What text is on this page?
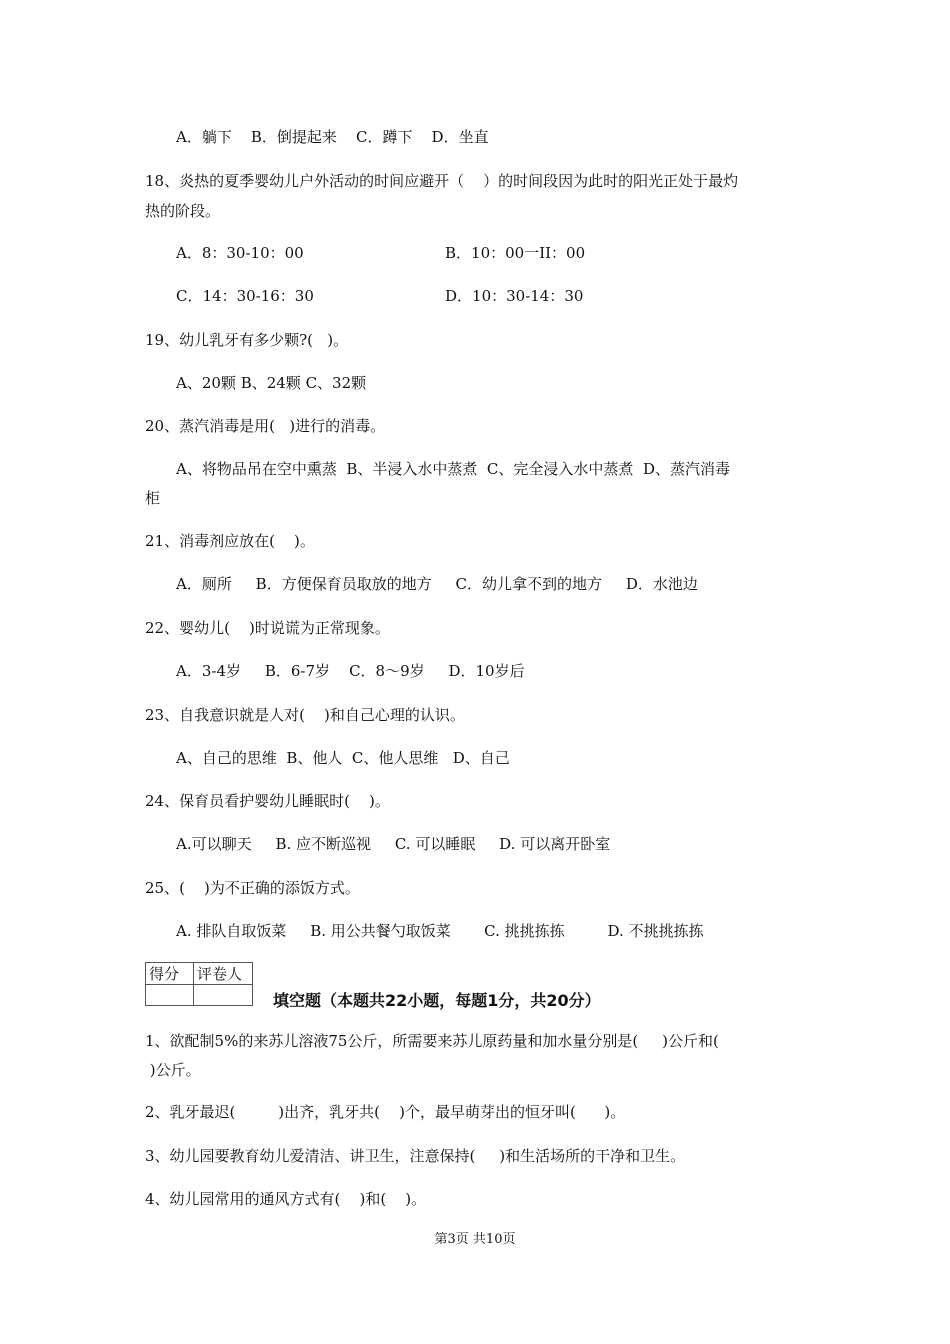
A．躺下    B．倒提起来    C．蹲下    D．坐直
18、炎热的夏季婴幼儿户外活动的时间应避开（    ）的时间段因为此时的阳光正处于最灼
热的阶段。
A．8：30-10：00	B．10：00一II：00
C．14：30-16：30	D．10：30-14：30
19、幼儿乳牙有多少颗?(   )。
A、20颗 B、24颗 C、32颗
20、蒸汽消毒是用(   )进行的消毒。
A、将物品吊在空中熏蒸  B、半浸入水中蒸煮  C、完全浸入水中蒸煮  D、蒸汽消毒
柜
21、消毒剂应放在(    )。
A．厕所     B．方便保育员取放的地方     C．幼儿拿不到的地方     D．水池边
22、婴幼儿(    )时说谎为正常现象。
A．3-4岁     B．6-7岁    C．8～9岁     D．10岁后
23、自我意识就是人对(    )和自己心理的认识。
A、自己的思维  B、他人  C、他人思维   D、自己
24、保育员看护婴幼儿睡眠时(    )。
A.可以聊天     B. 应不断巡视     C. 可以睡眠     D. 可以离开卧室
25、(    )为不正确的添饭方式。
A. 排队自取饭菜     B. 用公共餐勺取饭菜       C. 挑挑拣拣         D. 不挑挑拣拣
得分	评卷人

填空题（本题共22小题，每题1分，共20分）
1、欲配制5%的来苏儿溶液75公斤，所需要来苏儿原药量和加水量分别是(     )公斤和(
)公斤。
2、乳牙最迟(         )出齐，乳牙共(    )个，最早萌芽出的恒牙叫(      )。
3、幼儿园要教育幼儿爱清洁、讲卫生，注意保持(     )和生活场所的干净和卫生。
4、幼儿园常用的通风方式有(    )和(    )。
第3页 共10页
